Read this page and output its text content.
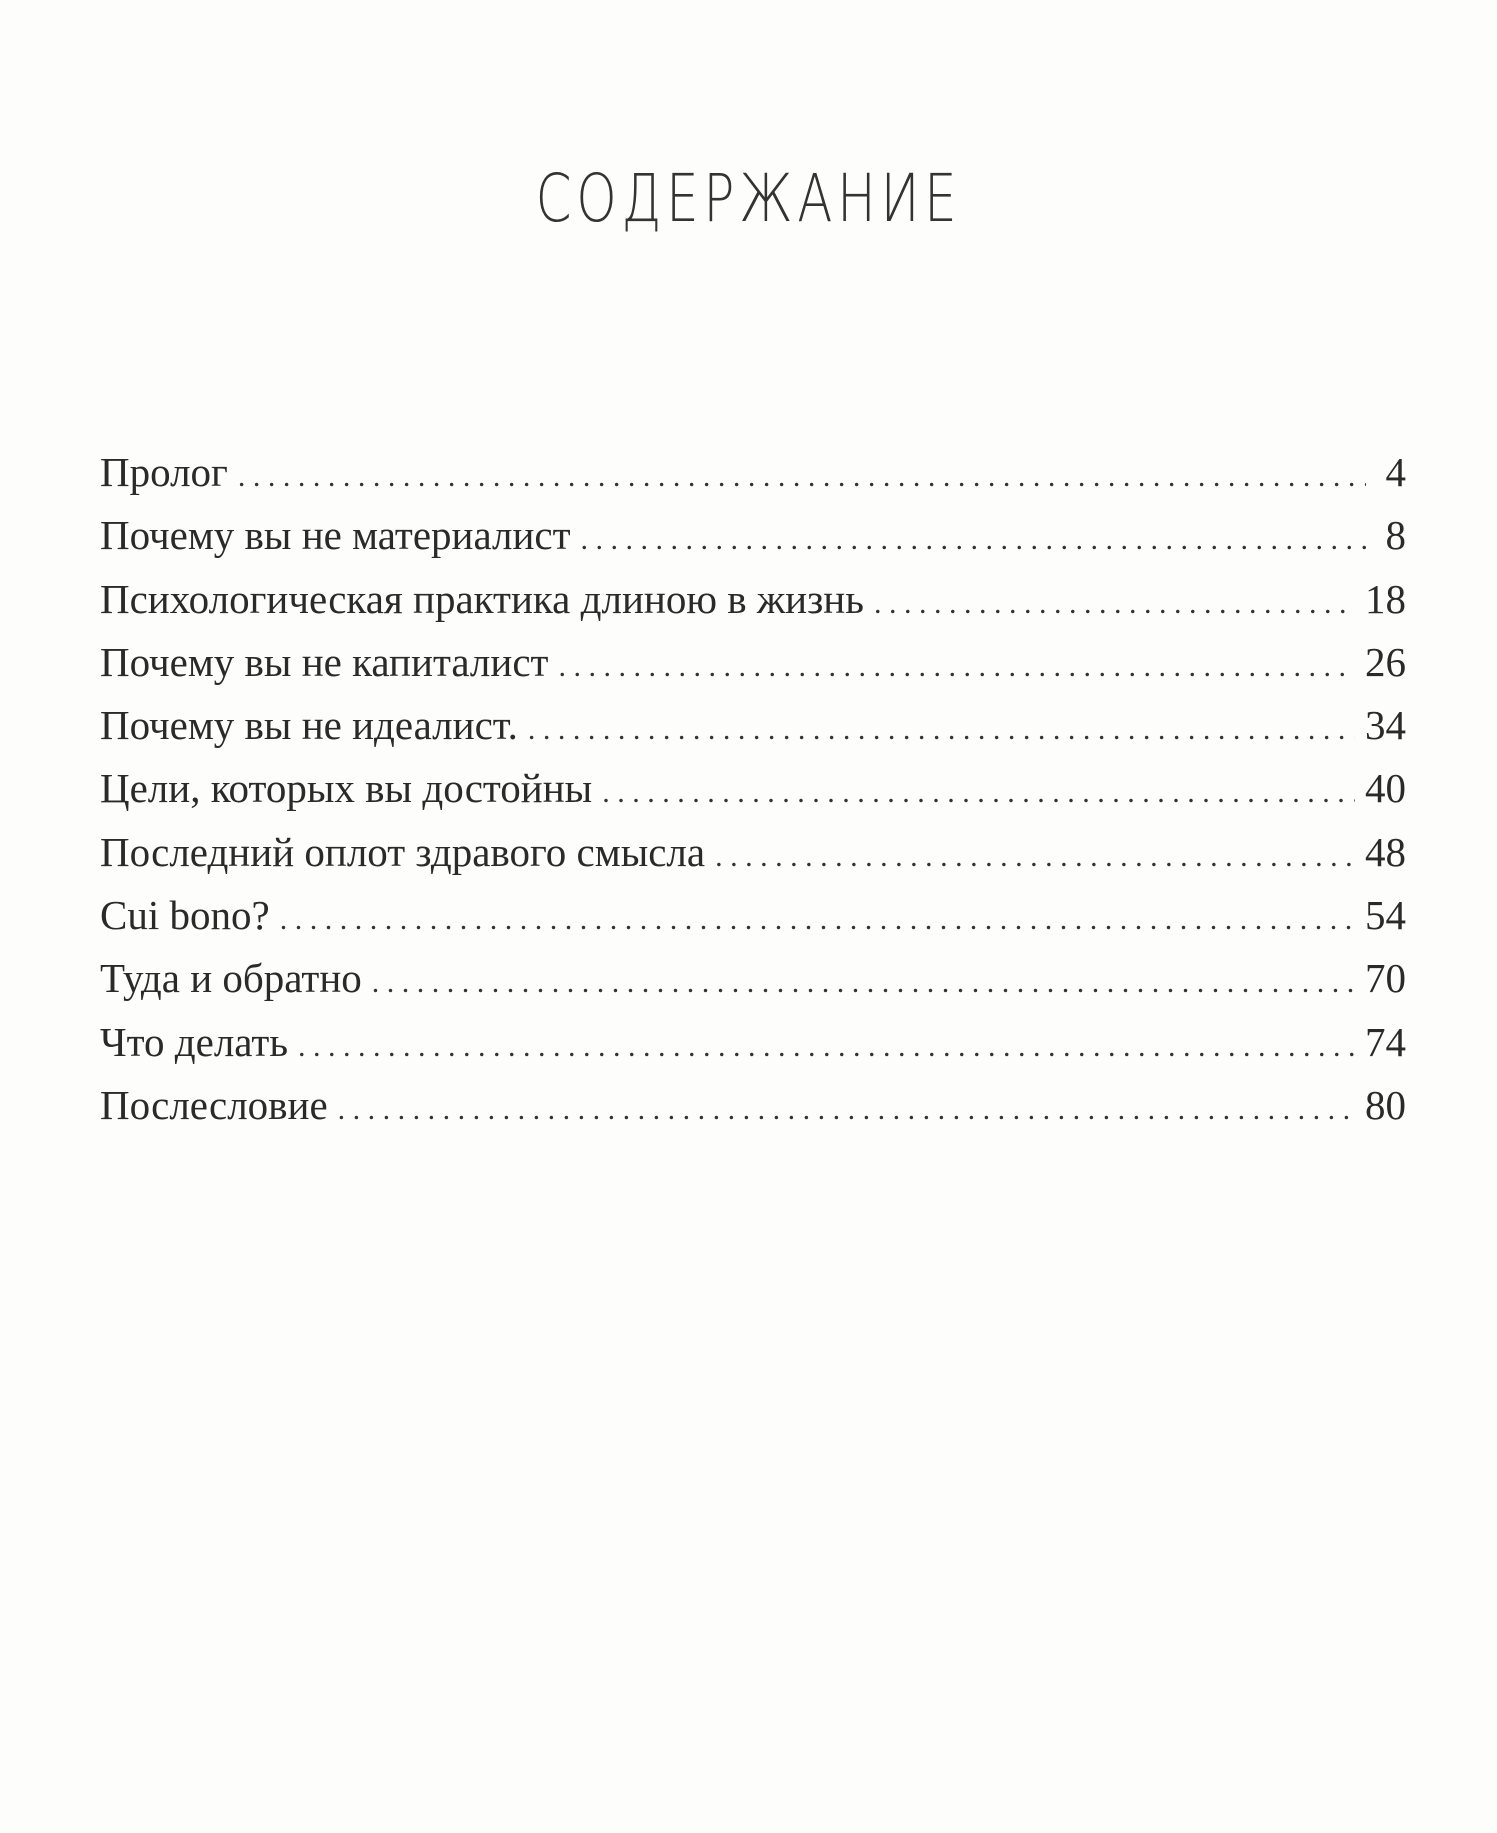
СОДЕРЖАНИЕ
Пролог . . .	4
Почему вы не материалист . . .	8
Психологическая практика длиною в жизнь . . .	18
Почему вы не капиталист . . .	26
Почему вы не идеалист. . . .	34
Цели, которых вы достойны . . .	40
Последний оплот здравого смысла . . .	48
Cui bono? . . .	54
Туда и обратно . . .	70
Что делать . . .	74
Послесловие . . .	80
